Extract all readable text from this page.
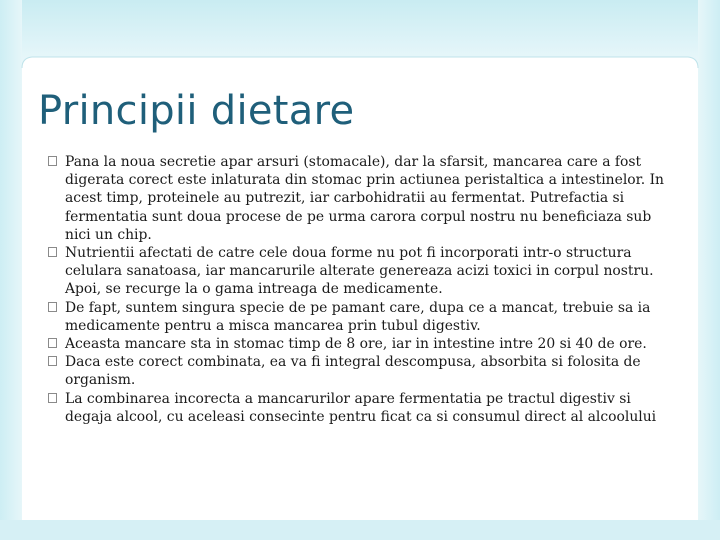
Principii dietare
Pana la noua secretie apar arsuri (stomacale), dar la sfarsit, mancarea care a fost digerata corect este inlaturata din stomac prin actiunea peristaltica a intestinelor. In acest timp, proteinele au putrezit, iar carbohidratii au fermentat. Putrefactia si fermentatia sunt doua procese de pe urma carora corpul nostru nu beneficiaza sub nici un chip.
Nutrientii afectati de catre cele doua forme nu pot fi incorporati intr-o structura celulara sanatoasa, iar mancarurile alterate genereaza acizi toxici in corpul nostru. Apoi, se recurge la o gama intreaga de medicamente.
De fapt, suntem singura specie de pe pamant care, dupa ce a mancat, trebuie sa ia medicamente pentru a misca mancarea prin tubul digestiv.
Aceasta mancare sta in stomac timp de 8 ore, iar in intestine intre 20 si 40 de ore.
Daca este corect combinata, ea va fi integral descompusa, absorbita si folosita de organism.
La combinarea incorecta a mancarurilor apare fermentatia pe tractul digestiv si degaja alcool, cu aceleasi consecinte pentru ficat ca si consumul direct al alcoolului
